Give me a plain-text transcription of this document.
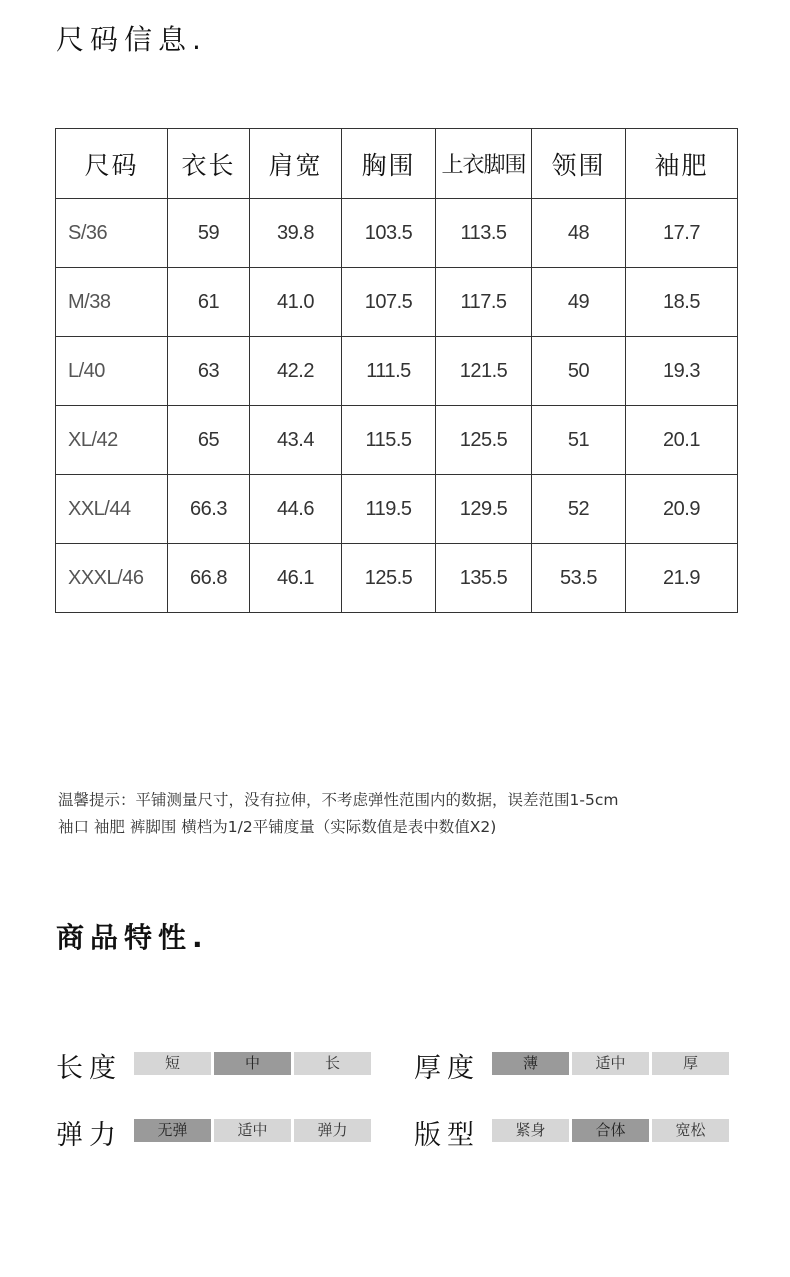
尺码信息.
尺码	衣长	肩宽	胸围	上衣脚围	领围	袖肥
S/36	59	39.8	103.5	113.5	48	17.7
M/38	61	41.0	107.5	117.5	49	18.5
L/40	63	42.2	111.5	121.5	50	19.3
XL/42	65	43.4	115.5	125.5	51	20.1
XXL/44	66.3	44.6	119.5	129.5	52	20.9
XXXL/46	66.8	46.1	125.5	135.5	53.5	21.9
温馨提示：平铺测量尺寸，没有拉伸，不考虑弹性范围内的数据，误差范围1-5cm
袖口 袖肥 裤脚围 横档为1/2平铺度量（实际数值是表中数值X2)
商品特性.
长度	短	中	长	厚度	薄	适中	厚
弹力	无弹	适中	弹力	版型	紧身	合体	宽松
